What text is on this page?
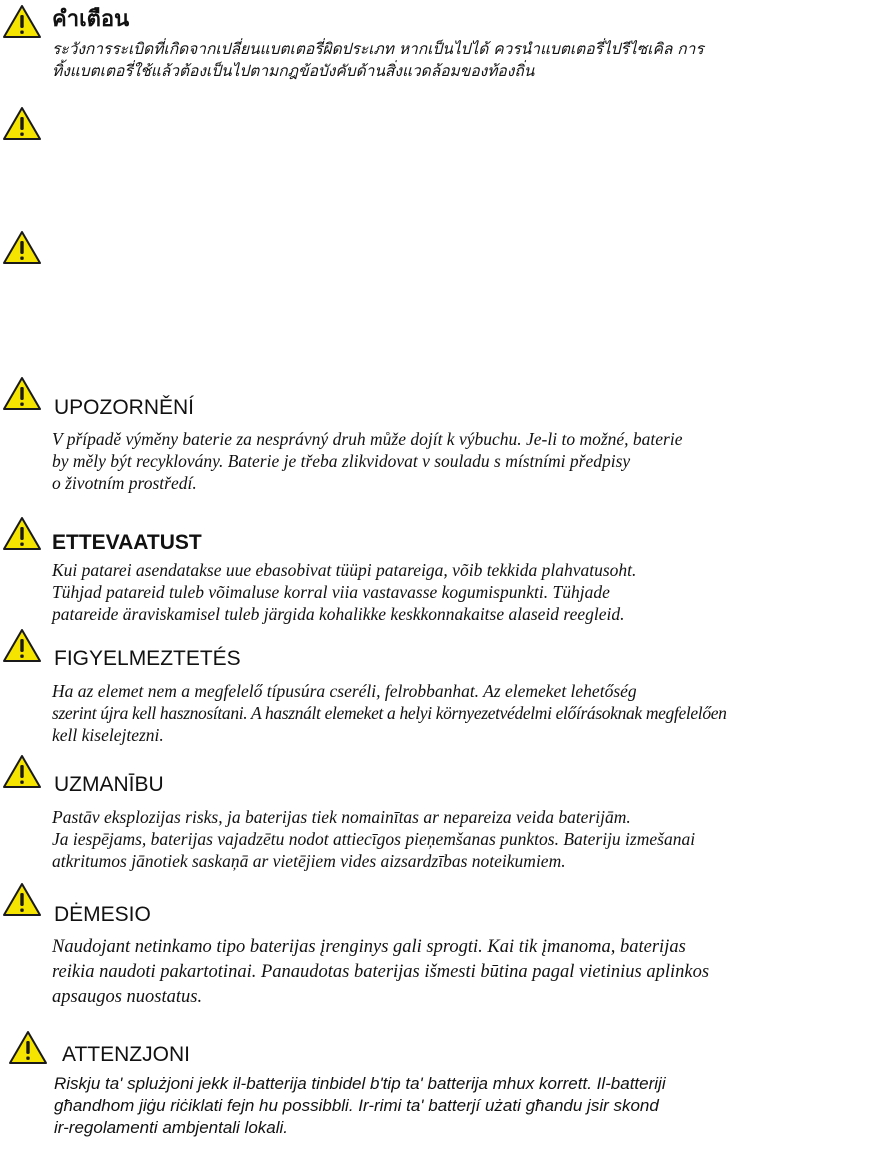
คำเตือน
ระวังการระเบิดที่เกิดจากเปลี่ยนแบตเตอรี่ผิดประเภท หากเป็นไปได้ ควรนำแบตเตอรี่ไปรีไซเคิล การ
ทิ้งแบตเตอรี่ใช้แล้วต้องเป็นไปตามกฎข้อบังคับด้านสิ่งแวดล้อมของท้องถิ่น
UPOZORNĚNÍ
V případě výměny baterie za nesprávný druh může dojít k výbuchu. Je-li to možné, baterie
by měly být recyklovány. Baterie je třeba zlikvidovat v souladu s místními předpisy
o životním prostředí.
ETTEVAATUST
Kui patarei asendatakse uue ebasobivat tüüpi patareiga, võib tekkida plahvatusoht.
Tühjad patareid tuleb võimaluse korral viia vastavasse kogumispunkti. Tühjade
patareide äraviskamisel tuleb järgida kohalikke keskkonnakaitse alaseid reegleid.
FIGYELMEZTETÉS
Ha az elemet nem a megfelelő típusúra cseréli, felrobbanhat. Az elemeket lehetőség
szerint újra kell hasznosítani. A használt elemeket a helyi környezetvédelmi előírásoknak megfelelően
kell kiselejtezni.
UZMANĪBU
Pastāv eksplozijas risks, ja baterijas tiek nomainītas ar nepareiza veida baterijām.
Ja iespējams, baterijas vajadzētu nodot attiecīgos pieņemšanas punktos. Bateriju izmešanai
atkritumos jānotiek saskaņā ar vietējiem vides aizsardzības noteikumiem.
DĖMESIO
Naudojant netinkamo tipo baterijas įrenginys gali sprogti. Kai tik įmanoma, baterijas
reikia naudoti pakartotinai. Panaudotas baterijas išmesti būtina pagal vietinius aplinkos
apsaugos nuostatus.
ATTENZJONI
Riskju ta' splużjoni jekk il-batterija tinbidel b'tip ta' batterija mhux korrett. Il-batteriji
għandhom jiġu riċiklati fejn hu possibbli. Ir-rimi ta' batterjí użati għandu jsir skond
ir-regolamenti ambjentali lokali.
